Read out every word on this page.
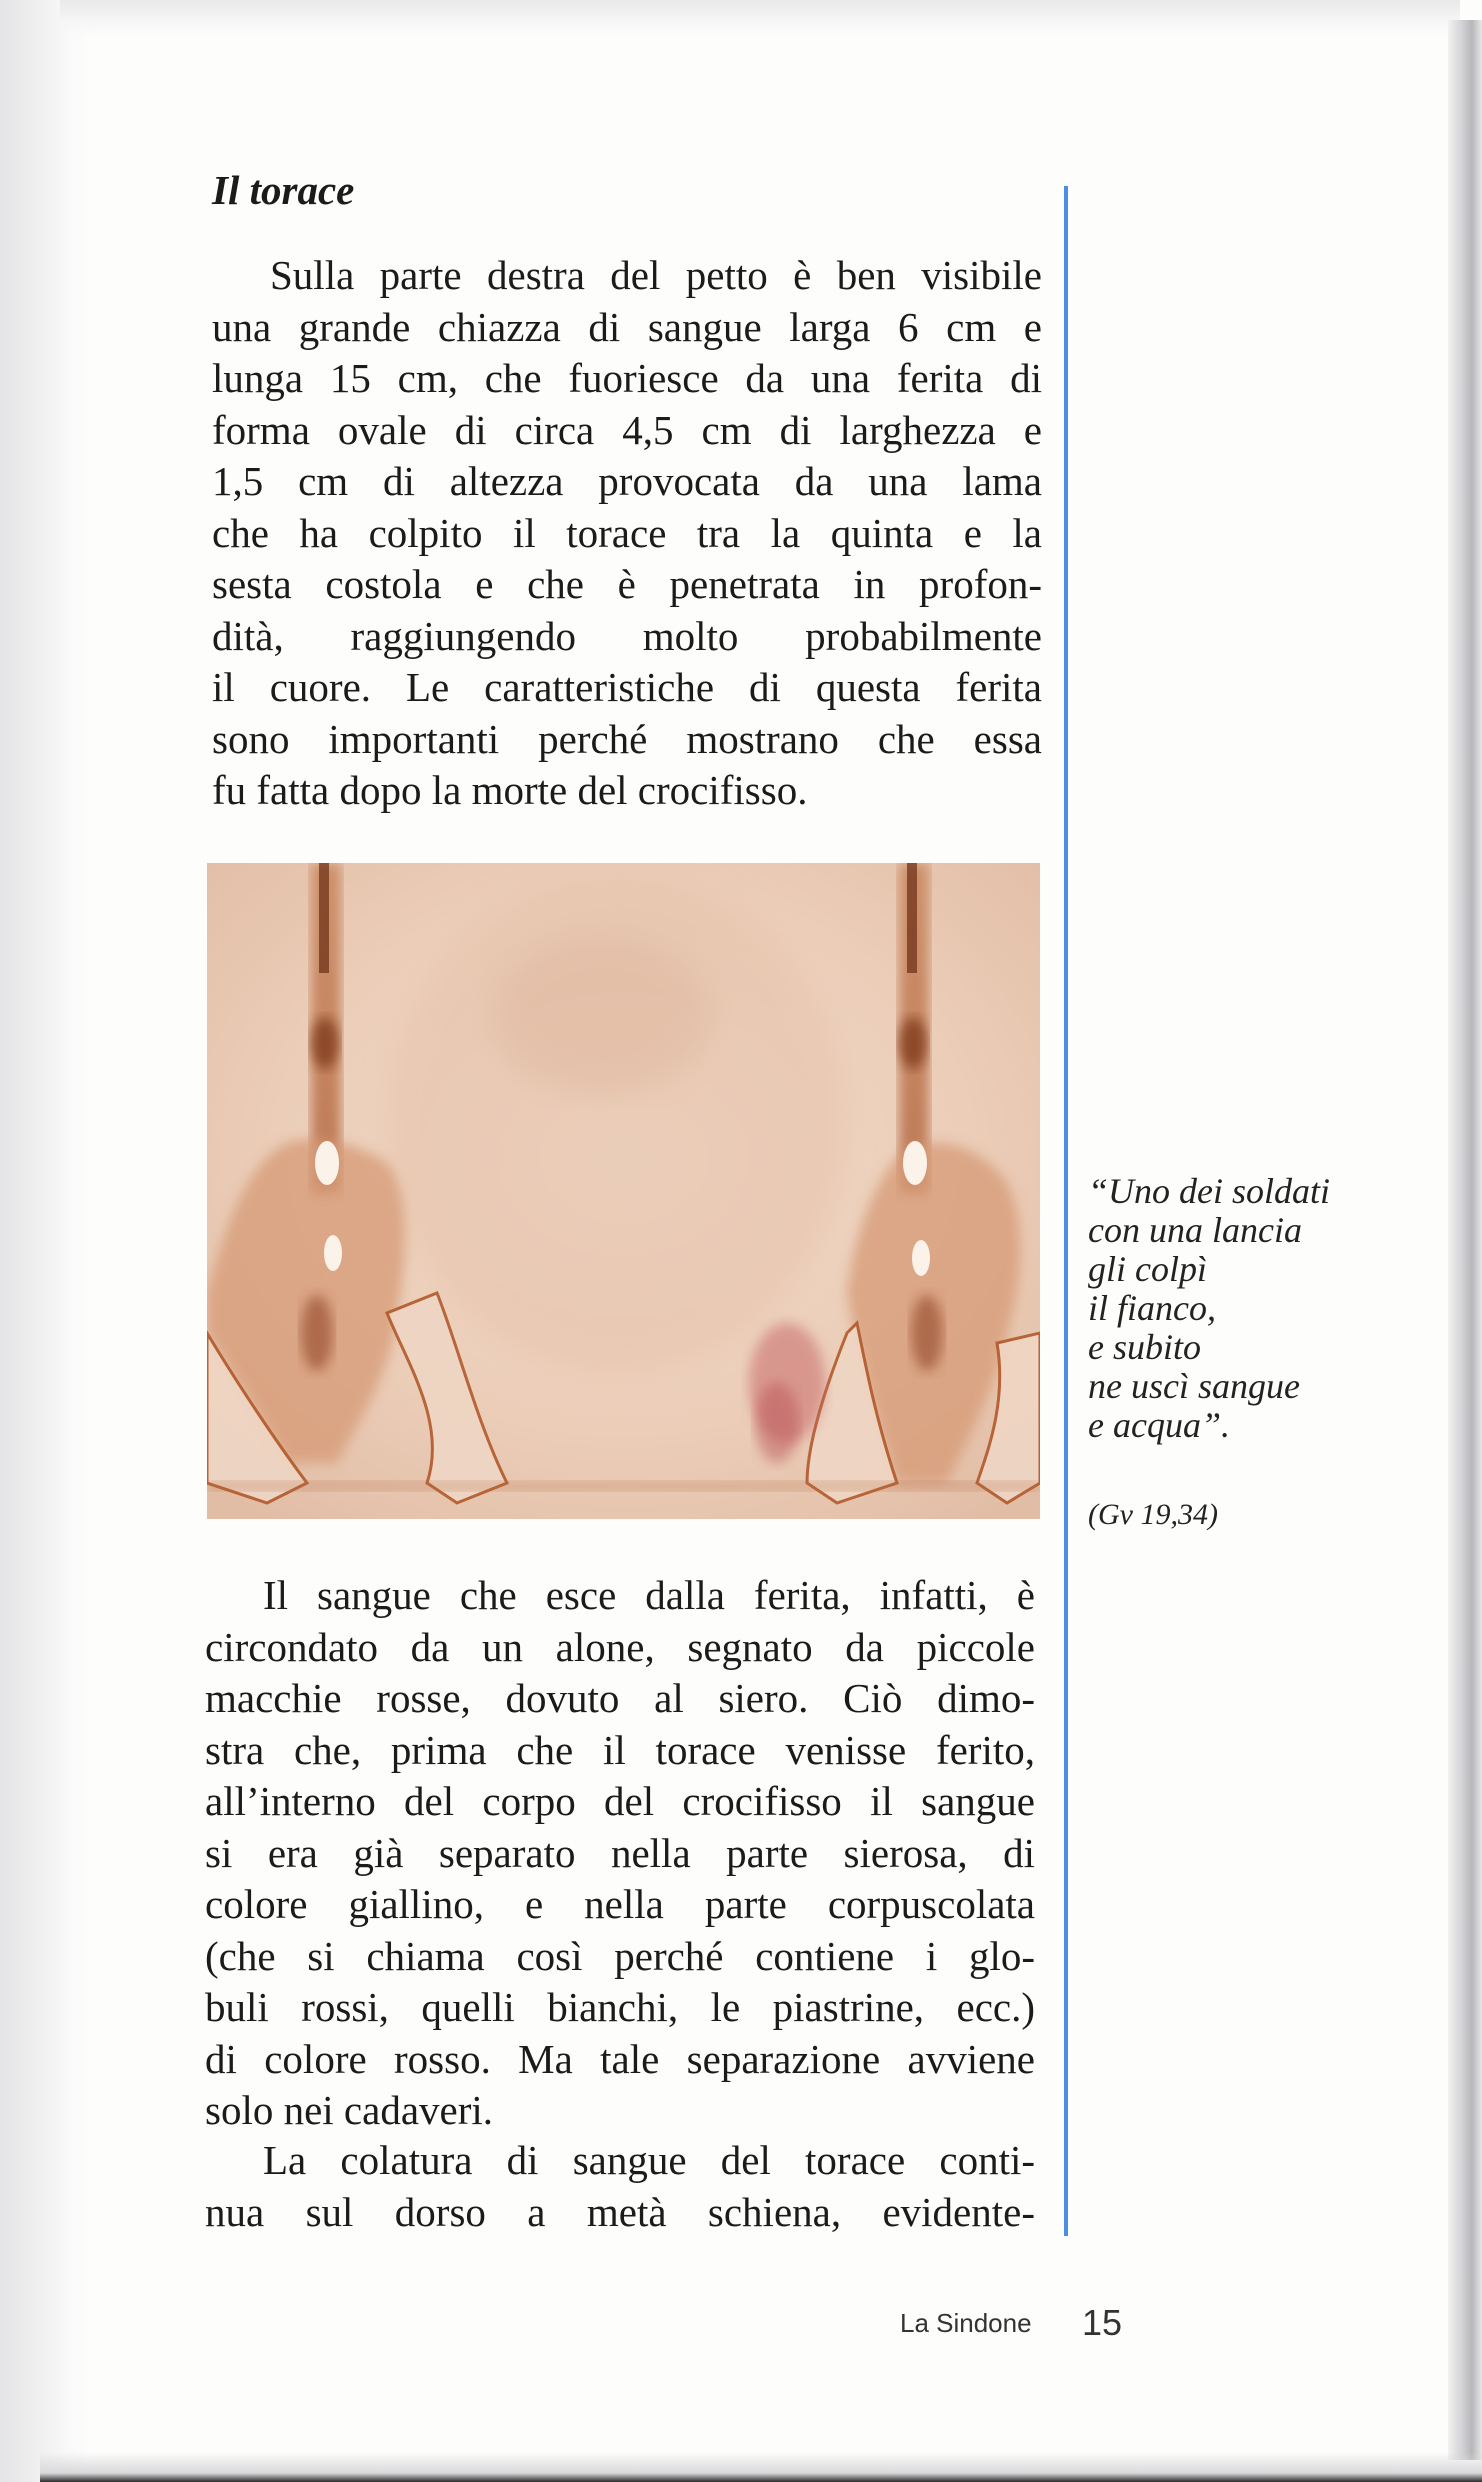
Il torace

Sulla parte destra del petto è ben visibile
una grande chiazza di sangue larga 6 cm e
lunga 15 cm, che fuoriesce da una ferita di
forma ovale di circa 4,5 cm di larghezza e
1,5 cm di altezza provocata da una lama
che ha colpito il torace tra la quinta e la
sesta costola e che è penetrata in profon-
dità, raggiungendo molto probabilmente
il cuore. Le caratteristiche di questa ferita
sono importanti perché mostrano che essa
fu fatta dopo la morte del crocifisso.

Il sangue che esce dalla ferita, infatti, è
circondato da un alone, segnato da piccole
macchie rosse, dovuto al siero. Ciò dimo-
stra che, prima che il torace venisse ferito,
all’interno del corpo del crocifisso il sangue
si era già separato nella parte sierosa, di
colore giallino, e nella parte corpuscolata
(che si chiama così perché contiene i glo-
buli rossi, quelli bianchi, le piastrine, ecc.)
di colore rosso. Ma tale separazione avviene
solo nei cadaveri.

La colatura di sangue del torace conti-
nua sul dorso a metà schiena, evidente-

“Uno dei soldati
con una lancia
gli colpì
il fianco,
e subito
ne uscì sangue
e acqua”.

(Gv 19,34)

La Sindone 15
